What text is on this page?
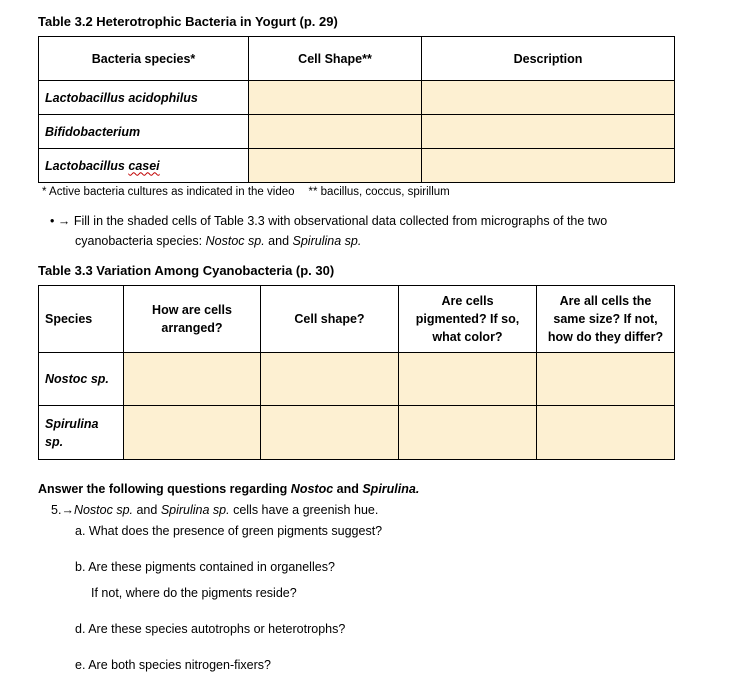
Table 3.2 Heterotrophic Bacteria in Yogurt (p. 29)
Bacteria species*	Cell Shape**	Description
Lactobacillus acidophilus		
Bifidobacterium		
Lactobacillus casei		
* Active bacteria cultures as indicated in the video ** bacillus, coccus, spirillum
• → Fill in the shaded cells of Table 3.3 with observational data collected from micrographs of the two
cyanobacteria species: Nostoc sp. and Spirulina sp.
Table 3.3 Variation Among Cyanobacteria (p. 30)
Species	How are cells arranged?	Cell shape?	Are cells pigmented? If so, what color?	Are all cells the same size? If not, how do they differ?
Nostoc sp.				
Spirulina sp.				
Answer the following questions regarding Nostoc and Spirulina.
5.→Nostoc sp. and Spirulina sp. cells have a greenish hue.
a. What does the presence of green pigments suggest?
b. Are these pigments contained in organelles?
If not, where do the pigments reside?
d. Are these species autotrophs or heterotrophs?
e. Are both species nitrogen-fixers?
